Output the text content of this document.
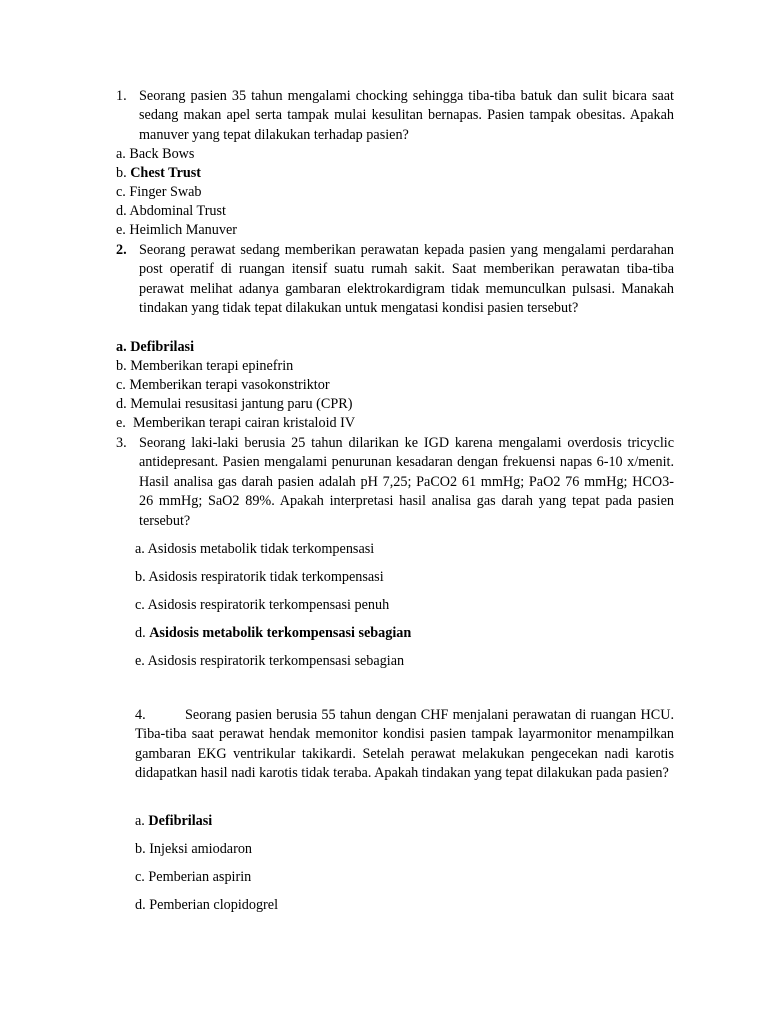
1. Seorang pasien 35 tahun mengalami chocking sehingga tiba-tiba batuk dan sulit bicara saat sedang makan apel serta tampak mulai kesulitan bernapas. Pasien tampak obesitas. Apakah manuver yang tepat dilakukan terhadap pasien?
a. Back Bows
b. Chest Trust
c. Finger Swab
d. Abdominal Trust
e. Heimlich Manuver
2. Seorang perawat sedang memberikan perawatan kepada pasien yang mengalami perdarahan post operatif di ruangan itensif suatu rumah sakit. Saat memberikan perawatan tiba-tiba perawat melihat adanya gambaran elektrokardigram tidak memunculkan pulsasi. Manakah tindakan yang tidak tepat dilakukan untuk mengatasi kondisi pasien tersebut?
a. Defibrilasi
b. Memberikan terapi epinefrin
c. Memberikan terapi vasokonstriktor
d. Memulai resusitasi jantung paru (CPR)
e. Memberikan terapi cairan kristaloid IV
3. Seorang laki-laki berusia 25 tahun dilarikan ke IGD karena mengalami overdosis tricyclic antidepresant. Pasien mengalami penurunan kesadaran dengan frekuensi napas 6-10 x/menit. Hasil analisa gas darah pasien adalah pH 7,25; PaCO2 61 mmHg; PaO2 76 mmHg; HCO3- 26 mmHg; SaO2 89%. Apakah interpretasi hasil analisa gas darah yang tepat pada pasien tersebut?
a. Asidosis metabolik tidak terkompensasi
b. Asidosis respiratorik tidak terkompensasi
c. Asidosis respiratorik terkompensasi penuh
d. Asidosis metabolik terkompensasi sebagian
e. Asidosis respiratorik terkompensasi sebagian
4.	Seorang pasien berusia 55 tahun dengan CHF menjalani perawatan di ruangan HCU. Tiba-tiba saat perawat hendak memonitor kondisi pasien tampak layarmonitor menampilkan gambaran EKG ventrikular takikardi. Setelah perawat melakukan pengecekan nadi karotis didapatkan hasil nadi karotis tidak teraba. Apakah tindakan yang tepat dilakukan pada pasien?
a. Defibrilasi
b. Injeksi amiodaron
c. Pemberian aspirin
d. Pemberian clopidogrel
